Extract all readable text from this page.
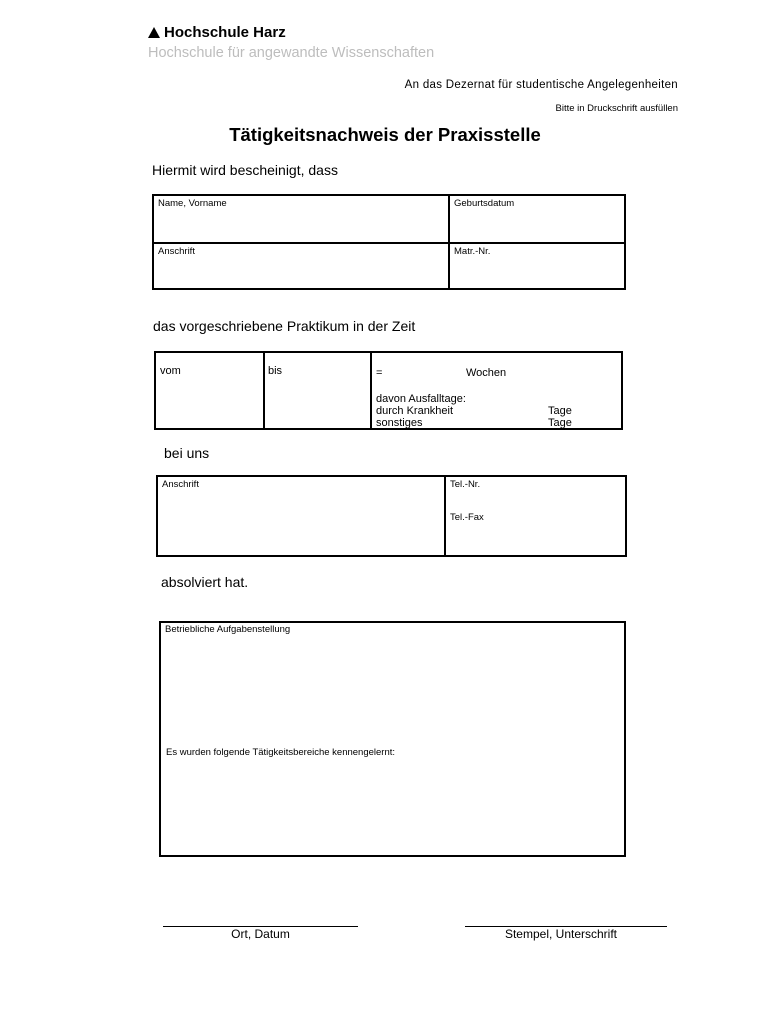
Hochschule Harz
Hochschule für angewandte Wissenschaften
An das Dezernat für studentische Angelegenheiten
Bitte in Druckschrift ausfüllen
Tätigkeitsnachweis der Praxisstelle
Hiermit wird bescheinigt, dass
Name, Vorname	Geburtsdatum
Anschrift	Matr.-Nr.
das vorgeschriebene Praktikum in der Zeit
vom	bis	=	Wochen
davon Ausfalltage:
durch Krankheit	Tage
sonstiges	Tage
bei uns
Anschrift	Tel.-Nr.
Tel.-Fax
absolviert hat.
Betriebliche Aufgabenstellung
Es wurden folgende Tätigkeitsbereiche kennengelernt:
Ort, Datum	Stempel, Unterschrift
